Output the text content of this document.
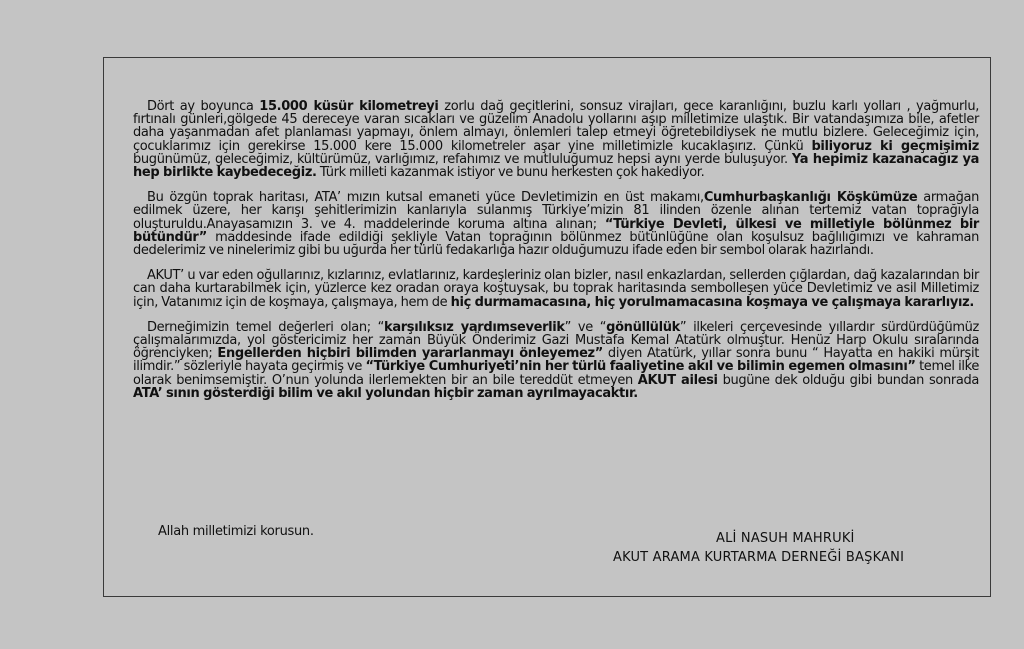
Dört ay boyunca 15.000 küsür kilometreyi zorlu dağ geçitlerini, sonsuz virajları, gece karanlığını, buzlu karlı yolları , yağmurlu, fırtınalı günleri,gölgede 45 dereceye varan sıcakları ve güzelim Anadolu yollarını aşıp milletimize ulaştık. Bir vatandaşımıza bile, afetler daha yaşanmadan afet planlaması yapmayı, önlem almayı, önlemleri talep etmeyi öğretebildiysek ne mutlu bizlere. Geleceğimiz için, çocuklarımız için gerekirse 15.000 kere 15.000 kilometreler aşar yine milletimizle kucaklaşırız. Çünkü biliyoruz ki geçmişimiz bugünümüz, geleceğimiz, kültürümüz, varlığımız, refahımız ve mutluluğumuz hepsi aynı yerde buluşuyor. Ya hepimiz kazanacağız ya hep birlikte kaybedeceğiz. Türk milleti kazanmak istiyor ve bunu herkesten çok hakediyor.

Bu özgün toprak haritası, ATA’ mızın kutsal emaneti yüce Devletimizin en üst makamı,Cumhurbaşkanlığı Köşkümüze armağan edilmek üzere, her karışı şehitlerimizin kanlarıyla sulanmış Türkiye’mizin 81 ilinden özenle alınan tertemiz vatan toprağıyla oluşturuldu.Anayasamızın 3. ve 4. maddelerinde koruma altına alınan; “Türkiye Devleti, ülkesi ve milletiyle bölünmez bir bütündür” maddesinde ifade edildiği şekliyle Vatan toprağının bölünmez bütünlüğüne olan koşulsuz bağlılığımızı ve kahraman dedelerimiz ve ninelerimiz gibi bu uğurda her türlü fedakarlığa hazır olduğumuzu ifade eden bir sembol olarak hazırlandı.

AKUT’ u var eden oğullarınız, kızlarınız, evlatlarınız, kardeşleriniz olan bizler, nasıl enkazlardan, sellerden çığlardan, dağ kazalarından bir can daha kurtarabilmek için, yüzlerce kez oradan oraya koştuysak, bu toprak haritasında sembolleşen yüce Devletimiz ve asil Milletimiz için, Vatanımız için de koşmaya, çalışmaya, hem de hiç durmamacasına, hiç yorulmamacasına koşmaya ve çalışmaya kararlıyız.

Derneğimizin temel değerleri olan; “karşılıksız yardımseverlik” ve “gönüllülük” ilkeleri çerçevesinde yıllardır sürdürdüğümüz çalışmalarımızda, yol göstericimiz her zaman Büyük Önderimiz Gazi Mustafa Kemal Atatürk olmuştur. Henüz Harp Okulu sıralarında öğrenciyken; Engellerden hiçbiri bilimden yararlanmayı önleyemez” diyen Atatürk, yıllar sonra bunu “ Hayatta en hakiki mürşit ilimdir.” sözleriyle hayata geçirmiş ve “Türkiye Cumhuriyeti’nin her türlü faaliyetine akıl ve bilimin egemen olmasını” temel ilke olarak benimsemiştir. O’nun yolunda ilerlemekten bir an bile tereddüt etmeyen AKUT ailesi bugüne dek olduğu gibi bundan sonrada ATA’ sının gösterdiği bilim ve akıl yolundan hiçbir zaman ayrılmayacaktır.

Allah milletimizi korusun.	ALİ NASUH MAHRUKİ
AKUT ARAMA KURTARMA DERNEĞİ BAŞKANI
